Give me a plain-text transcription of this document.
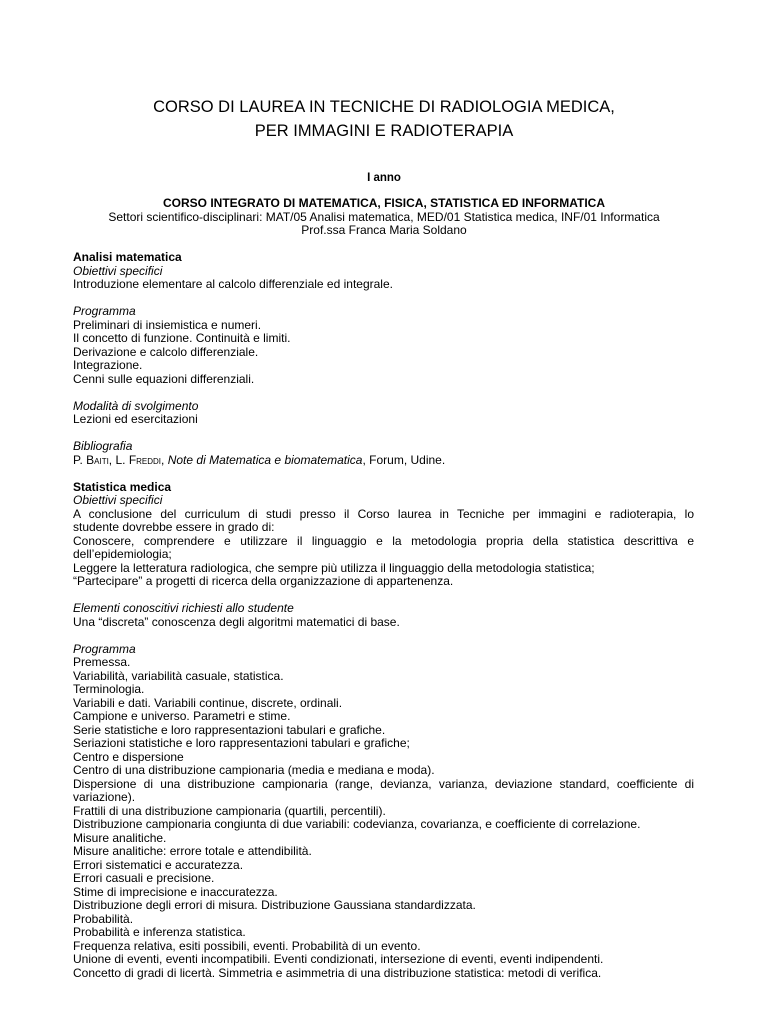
CORSO DI LAUREA IN TECNICHE DI RADIOLOGIA MEDICA,
PER IMMAGINI E RADIOTERAPIA
I anno
CORSO INTEGRATO DI MATEMATICA, FISICA, STATISTICA ED INFORMATICA
Settori scientifico-disciplinari: MAT/05 Analisi matematica, MED/01 Statistica medica, INF/01 Informatica
Prof.ssa Franca Maria Soldano
Analisi matematica
Obiettivi specifici
Introduzione elementare al calcolo differenziale ed integrale.
Programma
Preliminari di insiemistica e numeri.
Il concetto di funzione. Continuità e limiti.
Derivazione e calcolo differenziale.
Integrazione.
Cenni sulle equazioni differenziali.
Modalità di svolgimento
Lezioni ed esercitazioni
Bibliografia
P. Baiti, L. Freddi, Note di Matematica e biomatematica, Forum, Udine.
Statistica medica
Obiettivi specifici
A conclusione del curriculum di studi presso il Corso laurea in Tecniche per immagini e radioterapia, lo
studente dovrebbe essere in grado di:
Conoscere, comprendere e utilizzare il linguaggio e la metodologia propria della statistica descrittiva e
dell’epidemiologia;
Leggere la letteratura radiologica, che sempre più utilizza il linguaggio della metodologia statistica;
“Partecipare” a progetti di ricerca della organizzazione di appartenenza.
Elementi conoscitivi richiesti allo studente
Una “discreta” conoscenza degli algoritmi matematici di base.
Programma
Premessa.
Variabilità, variabilità casuale, statistica.
Terminologia.
Variabili e dati. Variabili continue, discrete, ordinali.
Campione e universo. Parametri e stime.
Serie statistiche e loro rappresentazioni tabulari e grafiche.
Seriazioni statistiche e loro rappresentazioni tabulari e grafiche;
Centro e dispersione
Centro di una distribuzione campionaria (media e mediana e moda).
Dispersione di una distribuzione campionaria (range, devianza, varianza, deviazione standard, coefficiente di
variazione).
Frattili di una distribuzione campionaria (quartili, percentili).
Distribuzione campionaria congiunta di due variabili: codevianza, covarianza, e coefficiente di correlazione.
Misure analitiche.
Misure analitiche: errore totale e attendibilità.
Errori sistematici e accuratezza.
Errori casuali e precisione.
Stime di imprecisione e inaccuratezza.
Distribuzione degli errori di misura. Distribuzione Gaussiana standardizzata.
Probabilità.
Probabilità e inferenza statistica.
Frequenza relativa, esiti possibili, eventi. Probabilità di un evento.
Unione di eventi, eventi incompatibili. Eventi condizionati, intersezione di eventi, eventi indipendenti.
Concetto di gradi di licertà. Simmetria e asimmetria di una distribuzione statistica: metodi di verifica.
